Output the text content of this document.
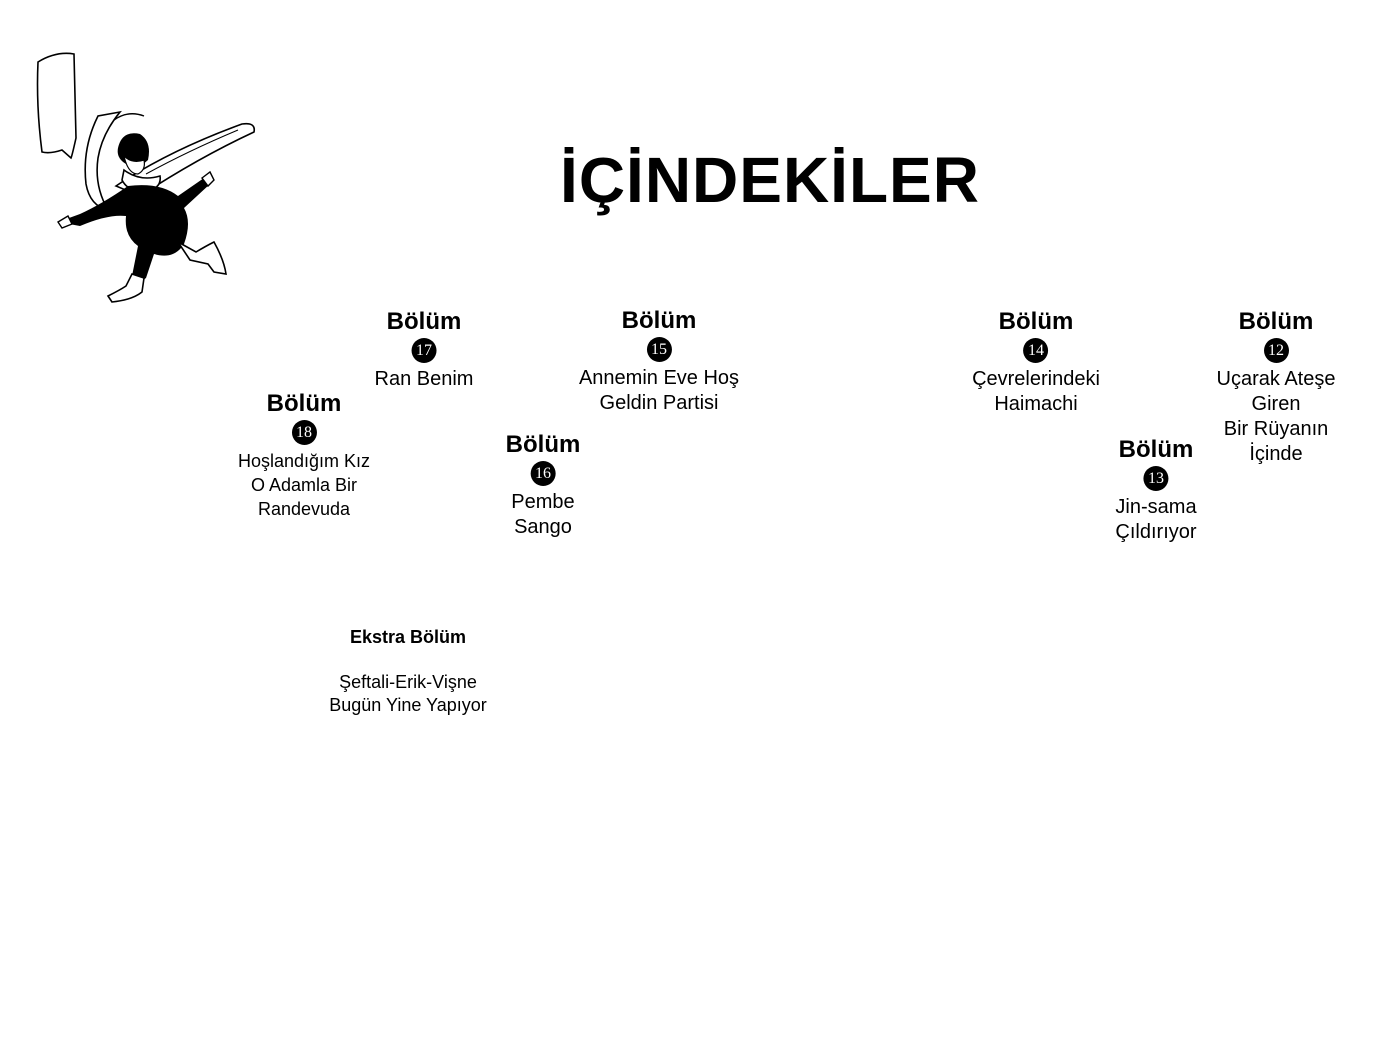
İÇİNDEKİLER
Bölüm
12
Uçarak Ateşe Giren
Bir Rüyanın İçinde
Bölüm
13
Jin-sama
Çıldırıyor
Bölüm
14
Çevrelerindeki
Haimachi
Bölüm
15
Annemin Eve Hoş
Geldin Partisi
Bölüm
16
Pembe
Sango
Bölüm
17
Ran Benim
Bölüm
18
Hoşlandığım Kız
O Adamla Bir
Randevuda
Ekstra Bölüm
Şeftali-Erik-Vişne
Bugün Yine Yapıyor
